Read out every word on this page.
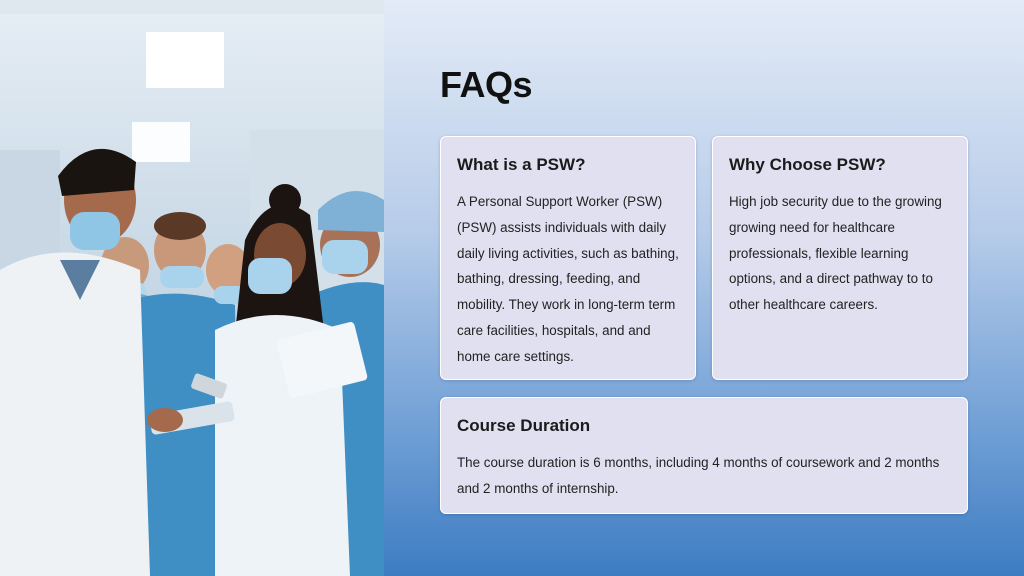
FAQs
What is a PSW?

A Personal Support Worker (PSW) (PSW) assists individuals with daily daily living activities, such as bathing, bathing, dressing, feeding, and mobility. They work in long-term term care facilities, hospitals, and and home care settings.

Why Choose PSW?

High job security due to the growing growing need for healthcare professionals, flexible learning options, and a direct pathway to to other healthcare careers.

Course Duration

The course duration is 6 months, including 4 months of coursework and 2 months and 2 months of internship.
